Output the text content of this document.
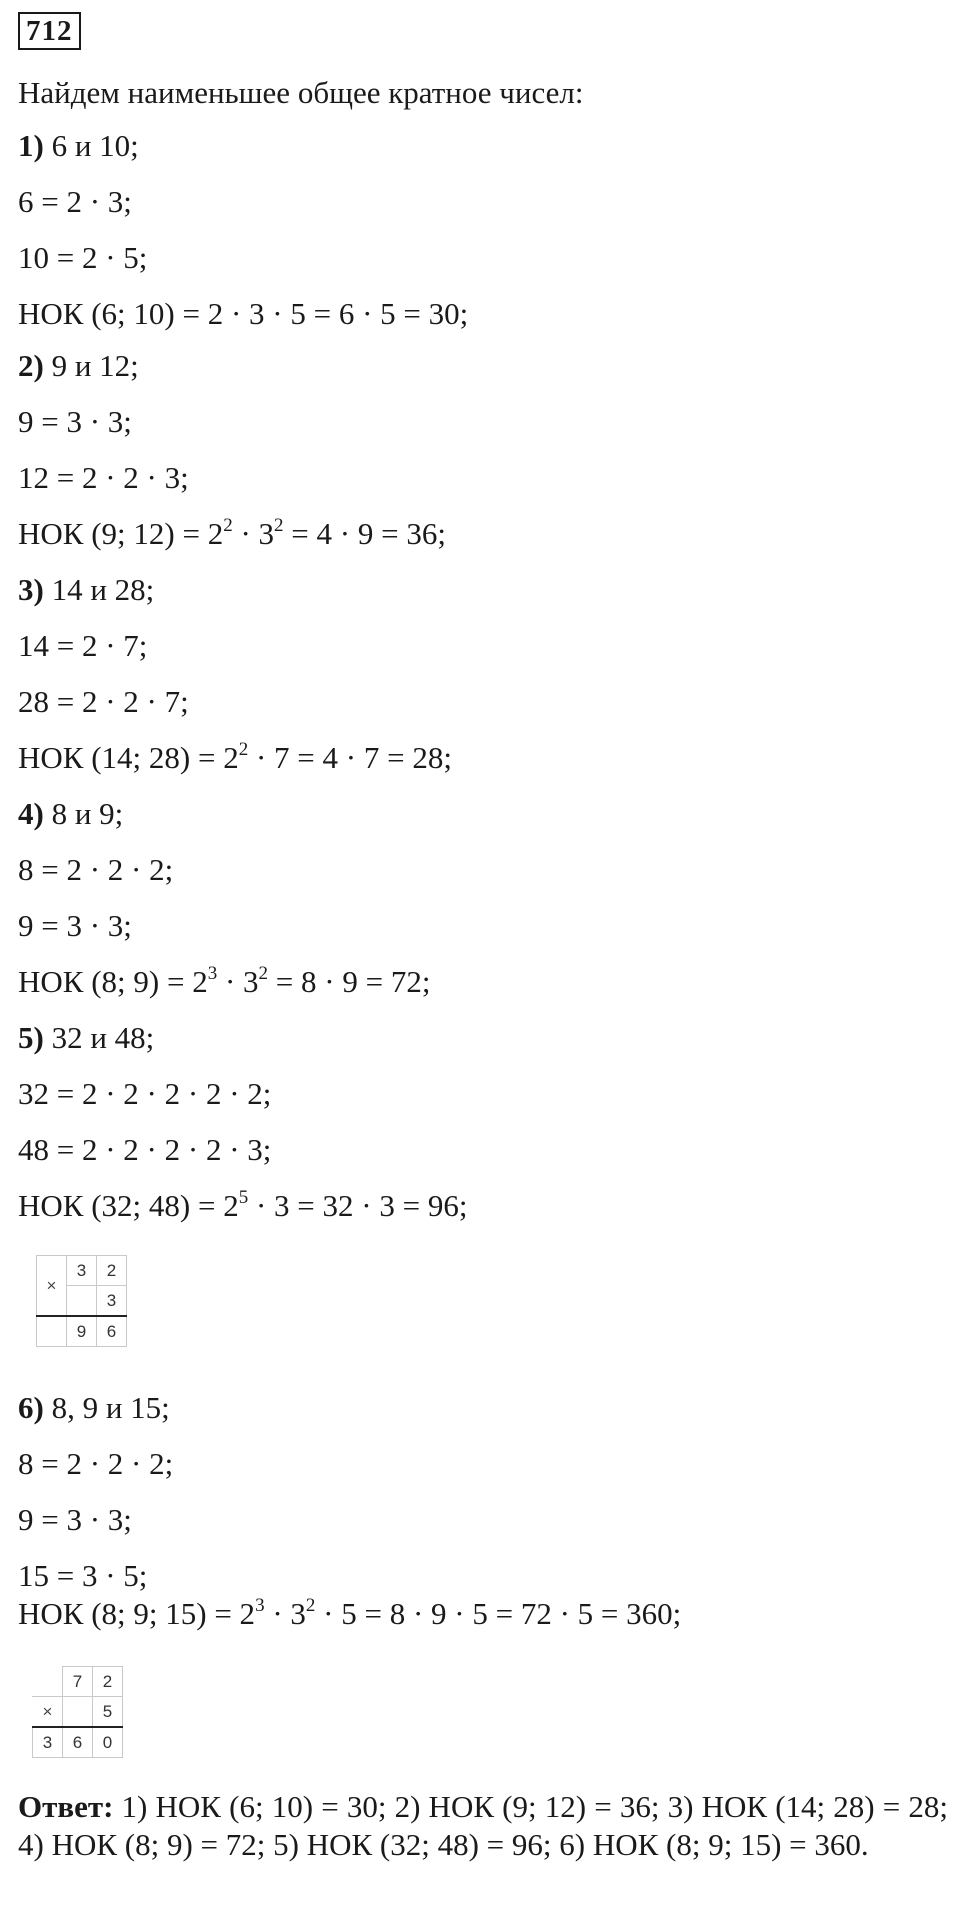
712
Найдем наименьшее общее кратное чисел:
1) 6 и 10;
6 = 2 · 3;
10 = 2 · 5;
НОК (6; 10) = 2 · 3 · 5 = 6 · 5 = 30;
2) 9 и 12;
9 = 3 · 3;
12 = 2 · 2 · 3;
НОК (9; $12) = 2^2 \cdot 3^2 = 4 \cdot 9 = 36$;
3) 14 и 28;
14 = 2 · 7;
28 = 2 · 2 · 7;
НОК (14; $28) = 2^2 \cdot 7 = 4 \cdot 7 = 28$;
4) 8 и 9;
8 = 2 · 2 · 2;
9 = 3 · 3;
НОК (8; $9) = 2^3 \cdot 3^2 = 8 \cdot 9 = 72$;
5) 32 и 48;
32 = 2 · 2 · 2 · 2 · 2;
48 = 2 · 2 · 2 · 2 · 3;
НОК (32; $48) = 2^5 \cdot 3 = 32 \cdot 3 = 96$;
×	3	2
		3
	9	6
6) 8, 9 и 15;
8 = 2 · 2 · 2;
9 = 3 · 3;
15 = 3 · 5;
НОК (8; 9; $15) = 2^3 \cdot 3^2 \cdot 5 = 8 \cdot 9 \cdot 5 = 72 \cdot 5 = 360$;
	7	2
×		5
3	6	0
Ответ: 1) НОК (6; 10) = 30; 2) НОК (9; 12) = 36; 3) НОК (14; 28) = 28; 4) НОК (8; 9) = 72; 5) НОК (32; 48) = 96; 6) НОК (8; 9; 15) = 360.
